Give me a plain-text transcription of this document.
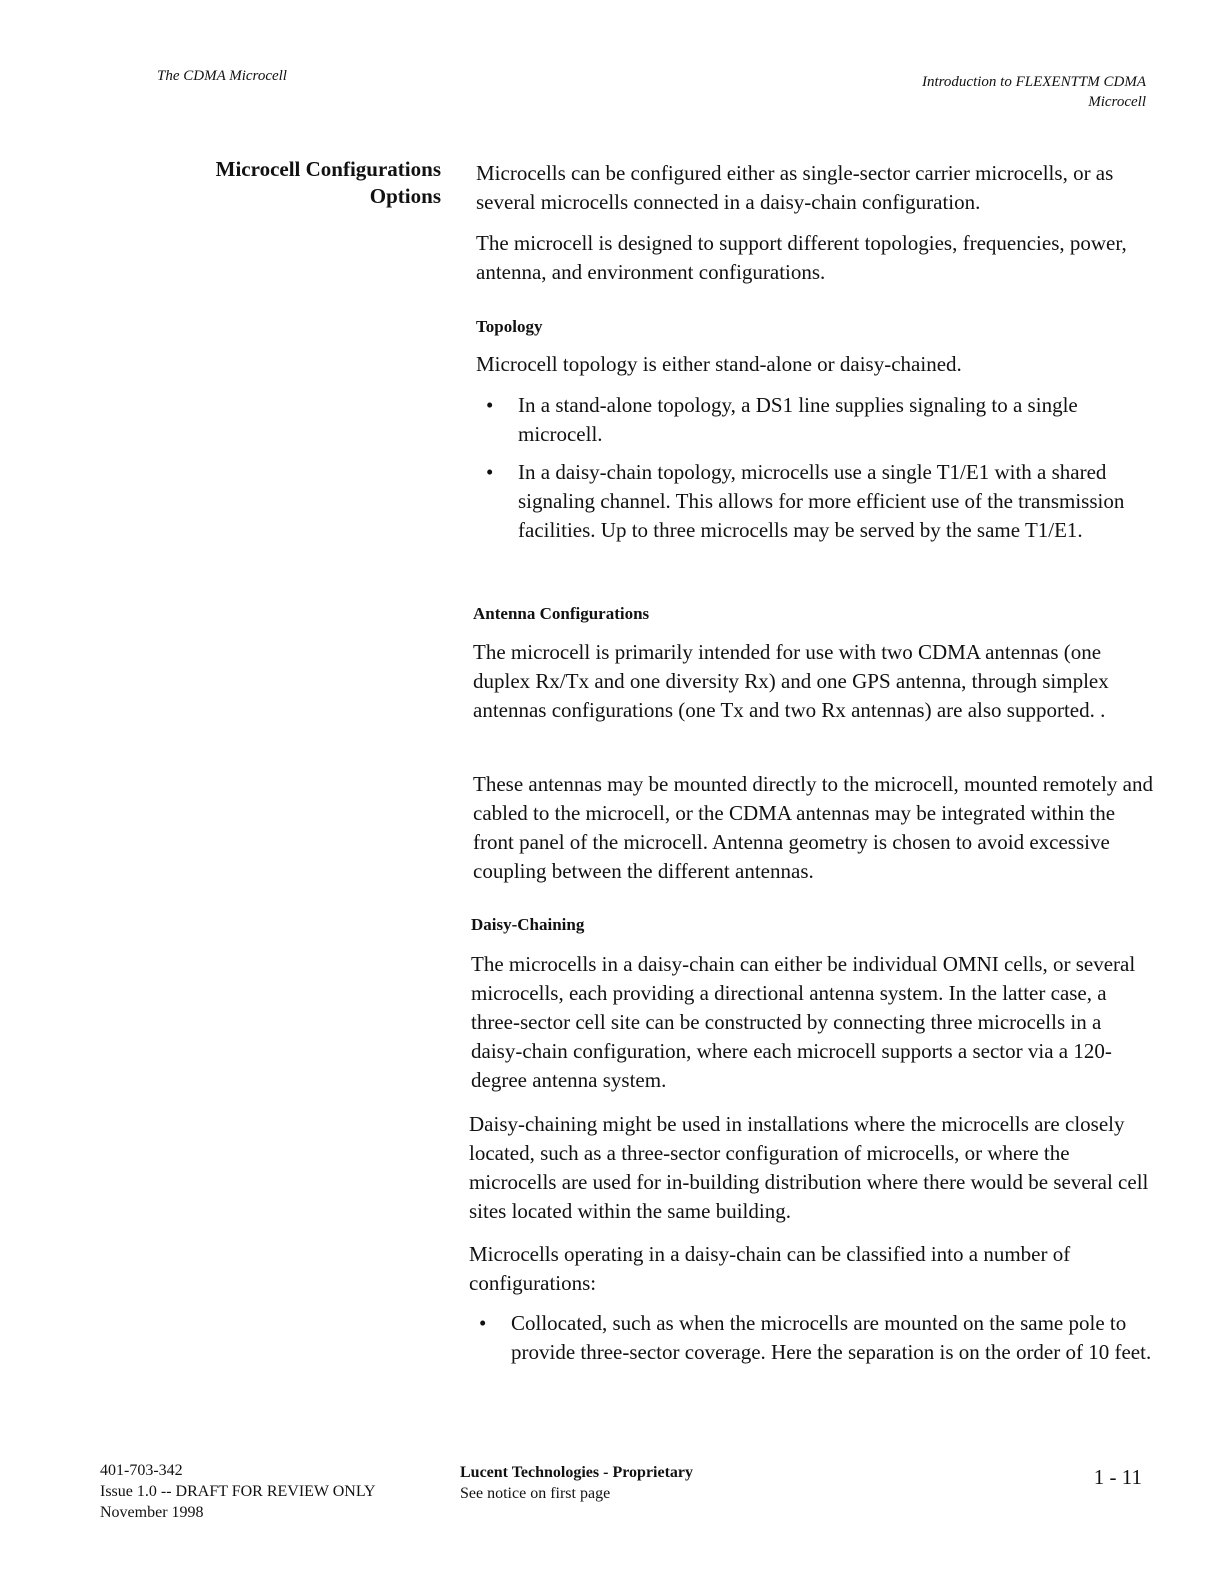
The CDMA Microcell	Introduction to FLEXENTTM CDMA
Microcell
Microcell Configurations
Options

Microcells can be configured either as single-sector carrier microcells, or as several microcells connected in a daisy-chain configuration.

The microcell is designed to support different topologies, frequencies, power, antenna, and environment configurations.

Topology

Microcell topology is either stand-alone or daisy-chained.

• In a stand-alone topology, a DS1 line supplies signaling to a single microcell.
• In a daisy-chain topology, microcells use a single T1/E1 with a shared signaling channel. This allows for more efficient use of the transmission facilities. Up to three microcells may be served by the same T1/E1.
Antenna Configurations

The microcell is primarily intended for use with two CDMA antennas (one duplex Rx/Tx and one diversity Rx) and one GPS antenna, through simplex antennas configurations (one Tx and two Rx antennas) are also supported. .

These antennas may be mounted directly to the microcell, mounted remotely and cabled to the microcell, or the CDMA antennas may be integrated within the front panel of the microcell. Antenna geometry is chosen to avoid excessive coupling between the different antennas.

Daisy-Chaining

The microcells in a daisy-chain can either be individual OMNI cells, or several microcells, each providing a directional antenna system. In the latter case, a three-sector cell site can be constructed by connecting three microcells in a daisy-chain configuration, where each microcell supports a sector via a 120-degree antenna system.

Daisy-chaining might be used in installations where the microcells are closely located, such as a three-sector configuration of microcells, or where the microcells are used for in-building distribution where there would be several cell sites located within the same building.

Microcells operating in a daisy-chain can be classified into a number of configurations:

• Collocated, such as when the microcells are mounted on the same pole to provide three-sector coverage. Here the separation is on the order of 10 feet.
401-703-342
Issue 1.0 -- DRAFT FOR REVIEW ONLY
November 1998
Lucent Technologies - Proprietary
See notice on first page
1 - 11
